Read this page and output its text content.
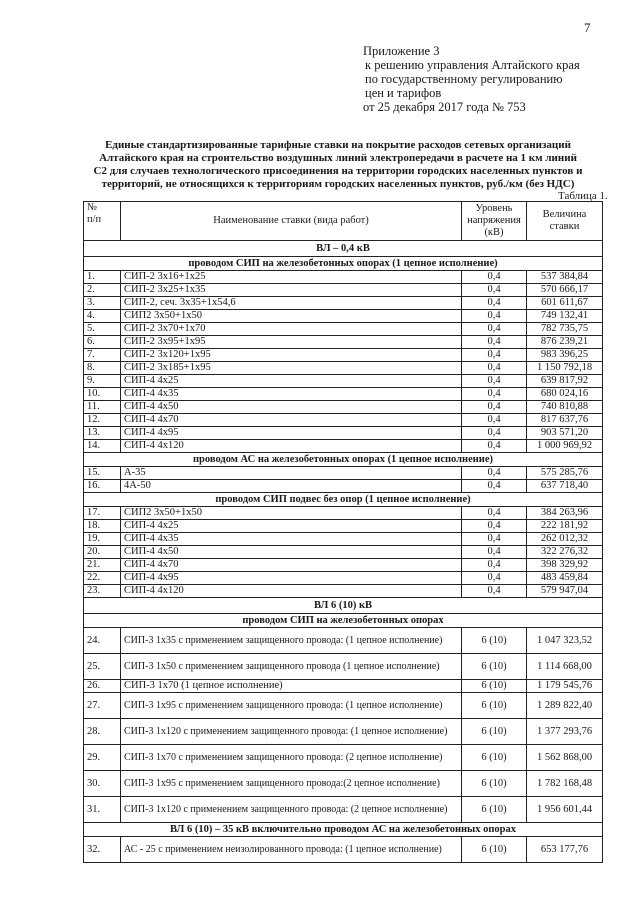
7
Приложение 3
к решению управления Алтайского края
по государственному регулированию
цен и тарифов
от 25 декабря 2017 года № 753
Единые стандартизированные тарифные ставки на покрытие расходов сетевых организаций
Алтайского края на строительство воздушных линий электропередачи в расчете на 1 км линий
С2 для случаев технологического присоединения на территории городских населенных пунктов и
территорий, не относящихся к территориям городских населенных пунктов, руб./км (без НДС)
Таблица 1.
№
п/п	Наименование ставки (вида работ)	Уровень напряжения (кВ)	Величина ставки
ВЛ – 0,4 кВ			
проводом СИП на железобетонных опорах (1 цепное исполнение)			
1.	СИП-2 3х16+1х25	0,4	537 384,84
2.	СИП-2 3х25+1х35	0,4	570 666,17
3.	СИП-2, сеч. 3х35+1х54,6	0,4	601 611,67
4.	СИП2 3х50+1х50	0,4	749 132,41
5.	СИП-2 3х70+1х70	0,4	782 735,75
6.	СИП-2 3х95+1х95	0,4	876 239,21
7.	СИП-2 3х120+1х95	0,4	983 396,25
8.	СИП-2 3х185+1х95	0,4	1 150 792,18
9.	СИП-4 4х25	0,4	639 817,92
10.	СИП-4 4х35	0,4	680 024,16
11.	СИП-4 4х50	0,4	740 810,88
12.	СИП-4 4х70	0,4	817 637,76
13.	СИП-4 4х95	0,4	903 571,20
14.	СИП-4 4х120	0,4	1 000 969,92
проводом АС на железобетонных опорах (1 цепное исполнение)			
15.	А-35	0,4	575 285,76
16.	4А-50	0,4	637 718,40
проводом СИП подвес без опор (1 цепное исполнение)			
17.	СИП2 3х50+1х50	0,4	384 263,96
18.	СИП-4 4х25	0,4	222 181,92
19.	СИП-4 4х35	0,4	262 012,32
20.	СИП-4 4х50	0,4	322 276,32
21.	СИП-4 4х70	0,4	398 329,92
22.	СИП-4 4х95	0,4	483 459,84
23.	СИП-4 4х120	0,4	579 947,04
ВЛ 6 (10) кВ			
проводом СИП на железобетонных опорах			
24.	СИП-3 1х35 с применением защищенного провода: (1 цепное исполнение)	6 (10)	1 047 323,52
25.	СИП-3 1х50 с применением защищенного провода (1 цепное исполнение)	6 (10)	1 114 668,00
26.	СИП-3 1х70 (1 цепное исполнение)	6 (10)	1 179 545,76
27.	СИП-3 1х95 с применением защищенного провода: (1 цепное исполнение)	6 (10)	1 289 822,40
28.	СИП-3 1х120 с применением защищенного провода: (1 цепное исполнение)	6 (10)	1 377 293,76
29.	СИП-3 1х70 с применением защищенного провода: (2 цепное исполнение)	6 (10)	1 562 868,00
30.	СИП-3 1х95 с применением защищенного провода:(2 цепное исполнение)	6 (10)	1 782 168,48
31.	СИП-3 1х120 с применением защищенного провода: (2 цепное исполнение)	6 (10)	1 956 601,44
ВЛ 6 (10) – 35 кВ включительно проводом АС на железобетонных опорах			
32.	АС - 25 с применением неизолированного провода: (1 цепное исполнение)	6 (10)	653 177,76
